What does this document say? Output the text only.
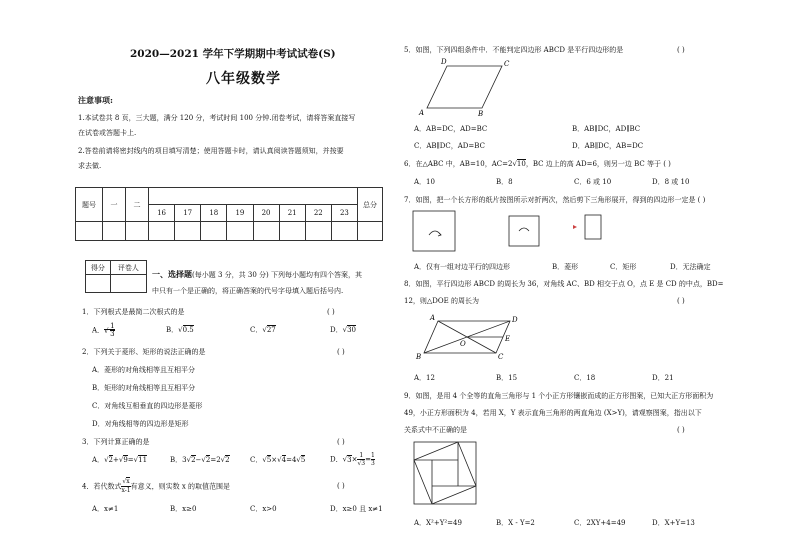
2020—2021 学年下学期期中考试试卷(S)
八年级数学
注意事项:
1.本试卷共 8 页，三大题，满分 120 分，考试时间 100 分钟.闭卷考试，请将答案直接写
在试卷或答题卡上.
2.答卷前请将密封线内的项目填写清楚；使用答题卡时，请认真阅读答题须知，并按要
求去做.
题号	一	二									总分
			16	17	18	19	20	21	22	23	

得分	评卷人

一、选择题(每小题 3 分，共 30 分) 下列每小题均有四个答案，其
中只有一个是正确的，将正确答案的代号字母填入题后括号内.
1．下列根式是最简二次根式的是	( )
A． √ $\frac{1}{3}$	B．√0.5	C．√27	D．√30
2．下列关于菱形、矩形的说法正确的是	( )
A．菱形的对角线相等且互相平分
B．矩形的对角线相等且互相平分
C．对角线互相垂直的四边形是菱形
D．对角线相等的四边形是矩形
3．下列计算正确的是	( )
A．√2+√9=√11	B．3√2−√2=2√2	C．√5×√4=4√5	D．$√3\times \frac{1}{√3} = \frac{1}{3}$
4．若代数式 $\frac{√x}{x-1}$ 有意义，则实数 x 的取值范围是	( )
A．x≠1	B．x≥0	C．x>0	D．x≥0 且 x≠1
5．如图，下列四组条件中．不能判定四边形 ABCD 是平行四边形的是	( )
A	B
C
D
A．AB=DC，AD=BC	B．AB∥DC，AD∥BC
C．AB∥DC，AD=BC	D．AB∥DC，AB=DC
6．在△ABC 中，AB=10，AC=2√10，BC 边上的高 AD=6，则另一边 BC 等于 ( )
A．10	B．8	C．6 或 10	D．8 或 10
7．如图，把一个长方形的纸片按图所示对折两次，然后剪下三角形展开，得到的四边形一定是 ( )
A．仅有一组对边平行的四边形	B．菱形	C．矩形	D．无法确定
8．如图，平行四边形 ABCD 的周长为 36，对角线 AC、BD 相交于点 O，点 E 是 CD 的中点，BD=
12，则△DOE 的周长为	( )
A
B	C
D
O
E
A．12	B．15	C．18	D．21
9．如图，是用 4 个全等的直角三角形与 1 个小正方形镶嵌而成的正方形图案，已知大正方形面积为
49，小正方形面积为 4，若用 X，Y 表示直角三角形的两直角边 (X>Y)，请观察图案，指出以下
关系式中不正确的是	( )
A．X²+Y²=49	B．X - Y=2	C．2XY+4=49	D．X+Y=13
